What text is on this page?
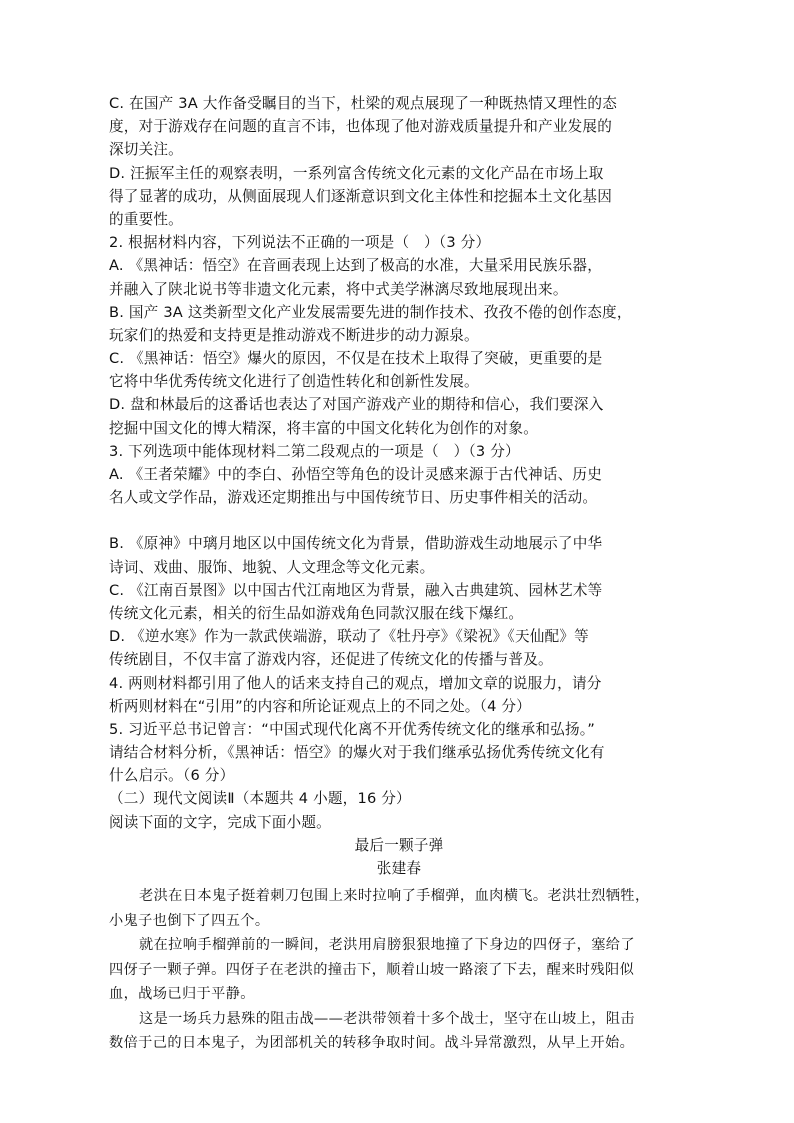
C. 在国产 3A 大作备受瞩目的当下，杜梁的观点展现了一种既热情又理性的态
度，对于游戏存在问题的直言不讳，也体现了他对游戏质量提升和产业发展的
深切关注。
D. 汪振军主任的观察表明，一系列富含传统文化元素的文化产品在市场上取
得了显著的成功，从侧面展现人们逐渐意识到文化主体性和挖掘本土文化基因
的重要性。
2. 根据材料内容，下列说法不正确的一项是（　）（3 分）
A. 《黑神话：悟空》在音画表现上达到了极高的水准，大量采用民族乐器，
并融入了陕北说书等非遗文化元素，将中式美学淋漓尽致地展现出来。
B. 国产 3A 这类新型文化产业发展需要先进的制作技术、孜孜不倦的创作态度，
玩家们的热爱和支持更是推动游戏不断进步的动力源泉。
C. 《黑神话：悟空》爆火的原因，不仅是在技术上取得了突破，更重要的是
它将中华优秀传统文化进行了创造性转化和创新性发展。
D. 盘和林最后的这番话也表达了对国产游戏产业的期待和信心，我们要深入
挖掘中国文化的博大精深，将丰富的中国文化转化为创作的对象。
3. 下列选项中能体现材料二第二段观点的一项是（　）（3 分）
A. 《王者荣耀》中的李白、孙悟空等角色的设计灵感来源于古代神话、历史
名人或文学作品，游戏还定期推出与中国传统节日、历史事件相关的活动。
B. 《原神》中璃月地区以中国传统文化为背景，借助游戏生动地展示了中华
诗词、戏曲、服饰、地貌、人文理念等文化元素。
C. 《江南百景图》以中国古代江南地区为背景，融入古典建筑、园林艺术等
传统文化元素，相关的衍生品如游戏角色同款汉服在线下爆红。
D. 《逆水寒》作为一款武侠端游，联动了《牡丹亭》《梁祝》《天仙配》等
传统剧目，不仅丰富了游戏内容，还促进了传统文化的传播与普及。
4. 两则材料都引用了他人的话来支持自己的观点，增加文章的说服力，请分
析两则材料在“引用”的内容和所论证观点上的不同之处。（4 分）
5. 习近平总书记曾言：“中国式现代化离不开优秀传统文化的继承和弘扬。”
请结合材料分析，《黑神话：悟空》的爆火对于我们继承弘扬优秀传统文化有
什么启示。（6 分）
（二）现代文阅读Ⅱ（本题共 4 小题，16 分）
阅读下面的文字，完成下面小题。
最后一颗子弹
张建春

老洪在日本鬼子挺着刺刀包围上来时拉响了手榴弹，血肉横飞。老洪壮烈牺牲，
小鬼子也倒下了四五个。

就在拉响手榴弹前的一瞬间，老洪用肩膀狠狠地撞了下身边的四伢子，塞给了
四伢子一颗子弹。四伢子在老洪的撞击下，顺着山坡一路滚了下去，醒来时残阳似
血，战场已归于平静。

这是一场兵力悬殊的阻击战——老洪带领着十多个战士，坚守在山坡上，阻击
数倍于己的日本鬼子，为团部机关的转移争取时间。战斗异常激烈，从早上开始。
